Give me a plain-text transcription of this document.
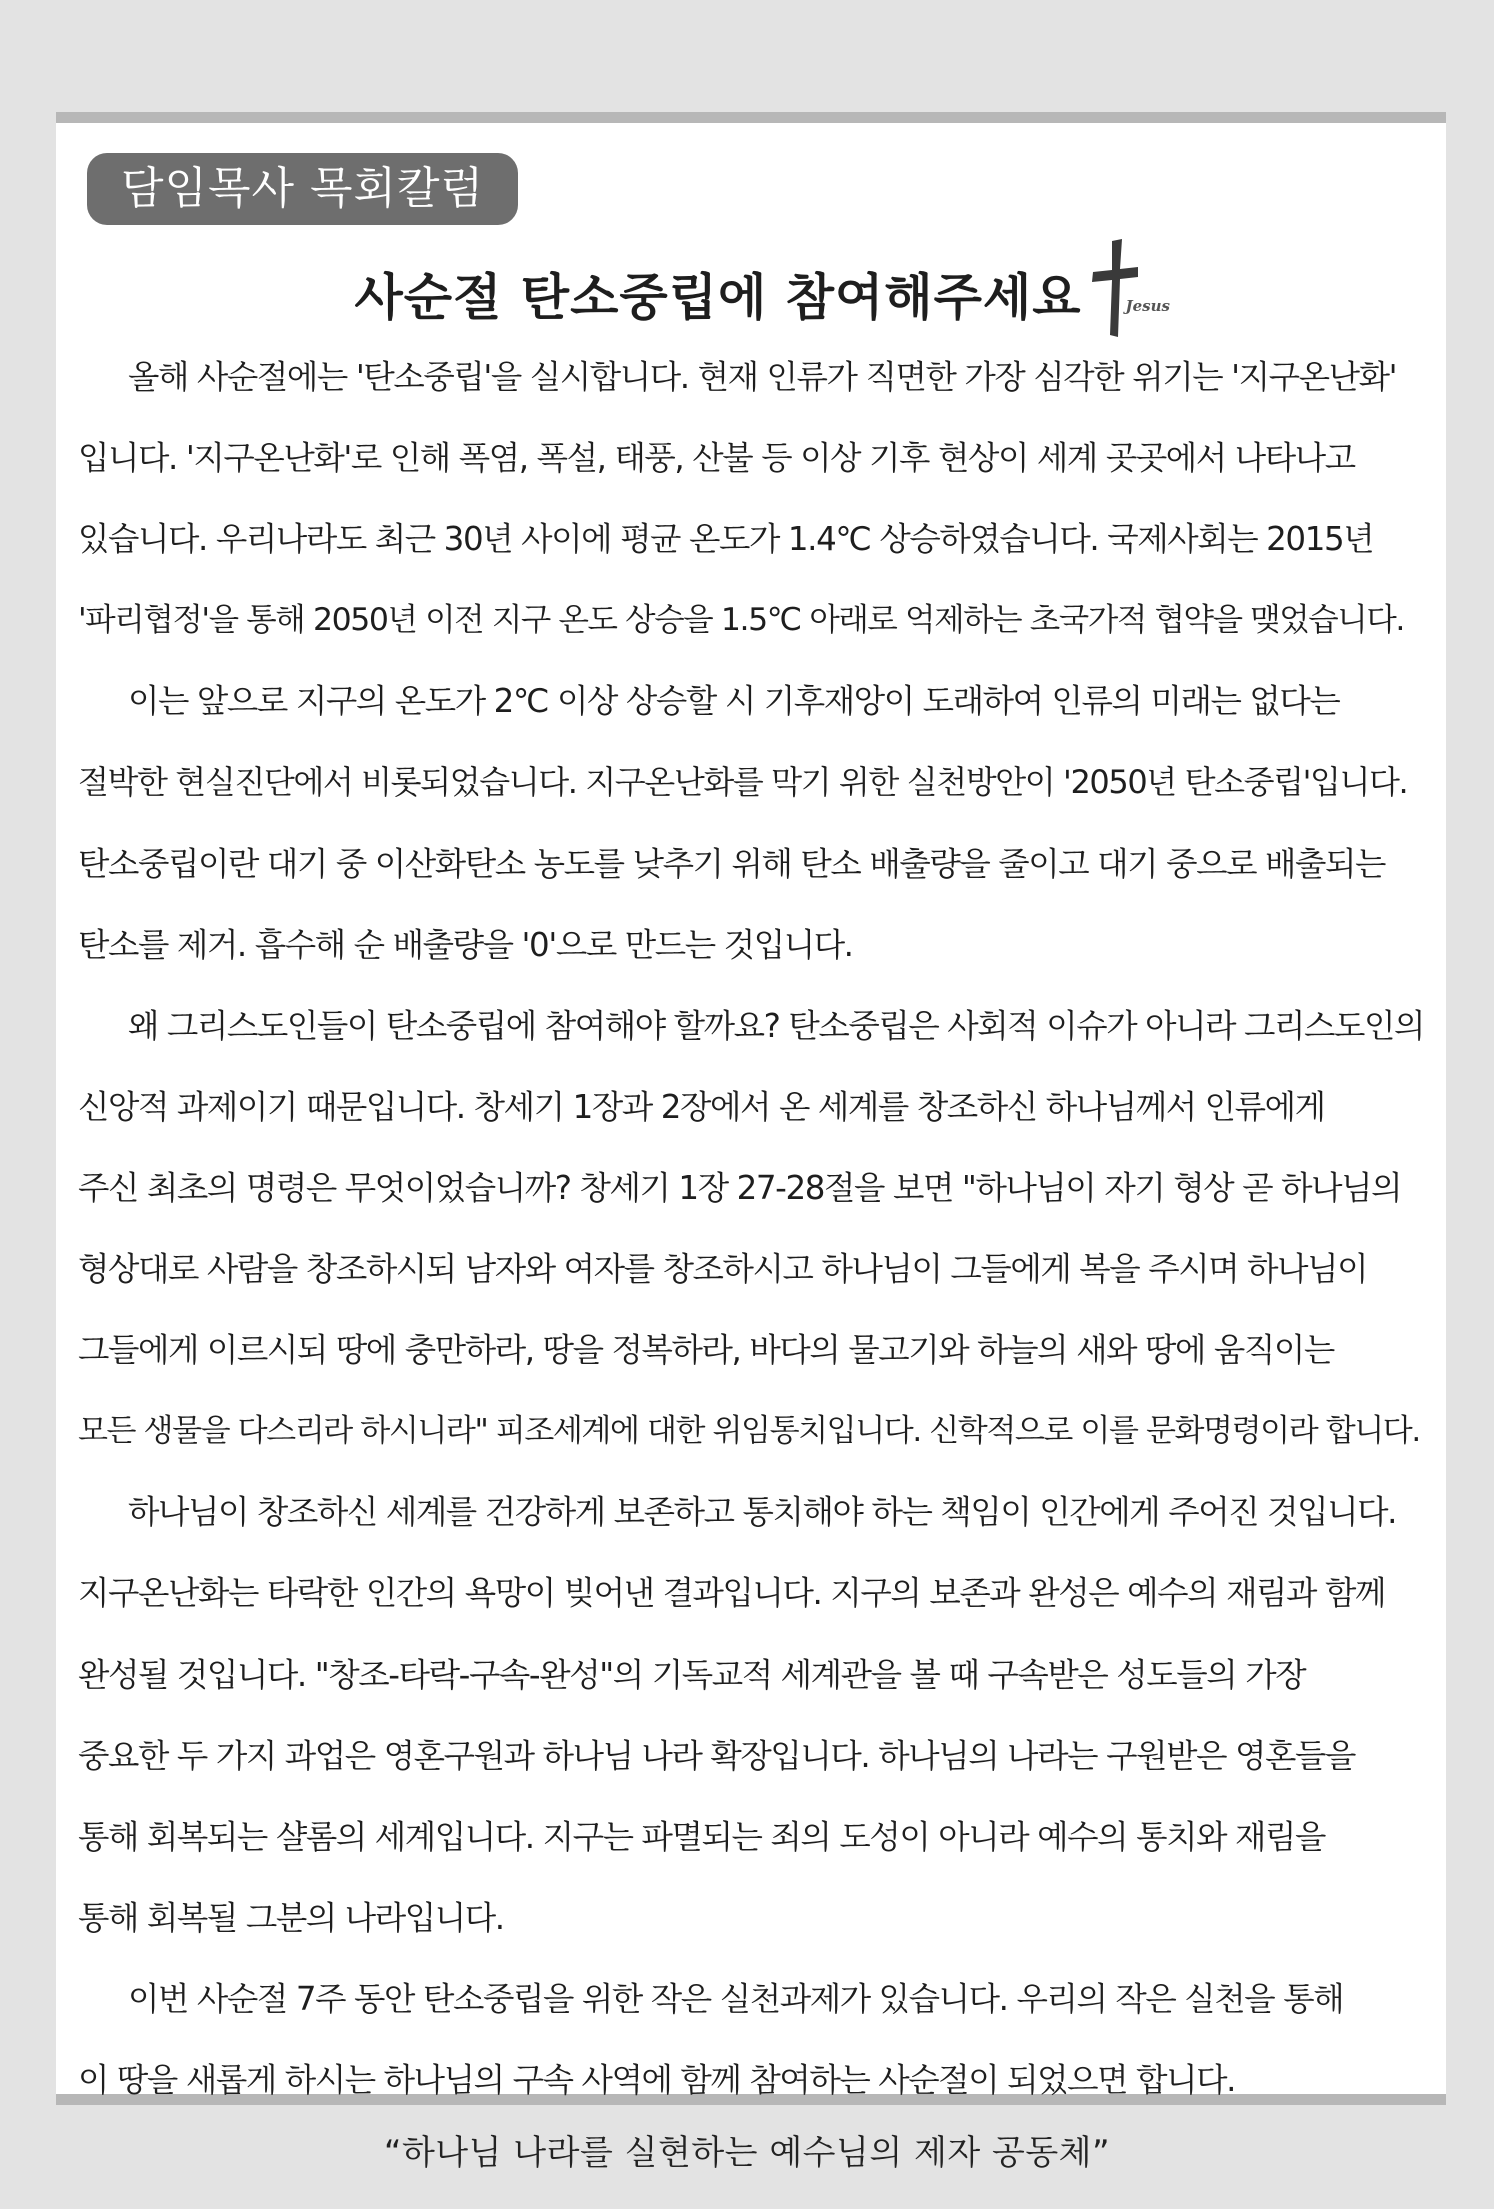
담임목사 목회칼럼
사순절 탄소중립에 참여해주세요	Jesus
올해 사순절에는 '탄소중립'을 실시합니다. 현재 인류가 직면한 가장 심각한 위기는 '지구온난화'
입니다. '지구온난화'로 인해 폭염, 폭설, 태풍, 산불 등 이상 기후 현상이 세계 곳곳에서 나타나고
있습니다. 우리나라도 최근 30년 사이에 평균 온도가 1.4℃ 상승하였습니다. 국제사회는 2015년
'파리협정'을 통해 2050년 이전 지구 온도 상승을 1.5℃ 아래로 억제하는 초국가적 협약을 맺었습니다.
이는 앞으로 지구의 온도가 2℃ 이상 상승할 시 기후재앙이 도래하여 인류의 미래는 없다는
절박한 현실진단에서 비롯되었습니다. 지구온난화를 막기 위한 실천방안이 '2050년 탄소중립'입니다.
탄소중립이란 대기 중 이산화탄소 농도를 낮추기 위해 탄소 배출량을 줄이고 대기 중으로 배출되는
탄소를 제거. 흡수해 순 배출량을 '0'으로 만드는 것입니다.
왜 그리스도인들이 탄소중립에 참여해야 할까요? 탄소중립은 사회적 이슈가 아니라 그리스도인의
신앙적 과제이기 때문입니다. 창세기 1장과 2장에서 온 세계를 창조하신 하나님께서 인류에게
주신 최초의 명령은 무엇이었습니까? 창세기 1장 27-28절을 보면 "하나님이 자기 형상 곧 하나님의
형상대로 사람을 창조하시되 남자와 여자를 창조하시고 하나님이 그들에게 복을 주시며 하나님이
그들에게 이르시되 땅에 충만하라, 땅을 정복하라, 바다의 물고기와 하늘의 새와 땅에 움직이는
모든 생물을 다스리라 하시니라" 피조세계에 대한 위임통치입니다. 신학적으로 이를 문화명령이라 합니다.
하나님이 창조하신 세계를 건강하게 보존하고 통치해야 하는 책임이 인간에게 주어진 것입니다.
지구온난화는 타락한 인간의 욕망이 빚어낸 결과입니다. 지구의 보존과 완성은 예수의 재림과 함께
완성될 것입니다. "창조-타락-구속-완성"의 기독교적 세계관을 볼 때 구속받은 성도들의 가장
중요한 두 가지 과업은 영혼구원과 하나님 나라 확장입니다. 하나님의 나라는 구원받은 영혼들을
통해 회복되는 샬롬의 세계입니다. 지구는 파멸되는 죄의 도성이 아니라 예수의 통치와 재림을
통해 회복될 그분의 나라입니다.
이번 사순절 7주 동안 탄소중립을 위한 작은 실천과제가 있습니다. 우리의 작은 실천을 통해
이 땅을 새롭게 하시는 하나님의 구속 사역에 함께 참여하는 사순절이 되었으면 합니다.
“하나님 나라를 실현하는 예수님의 제자 공동체”
